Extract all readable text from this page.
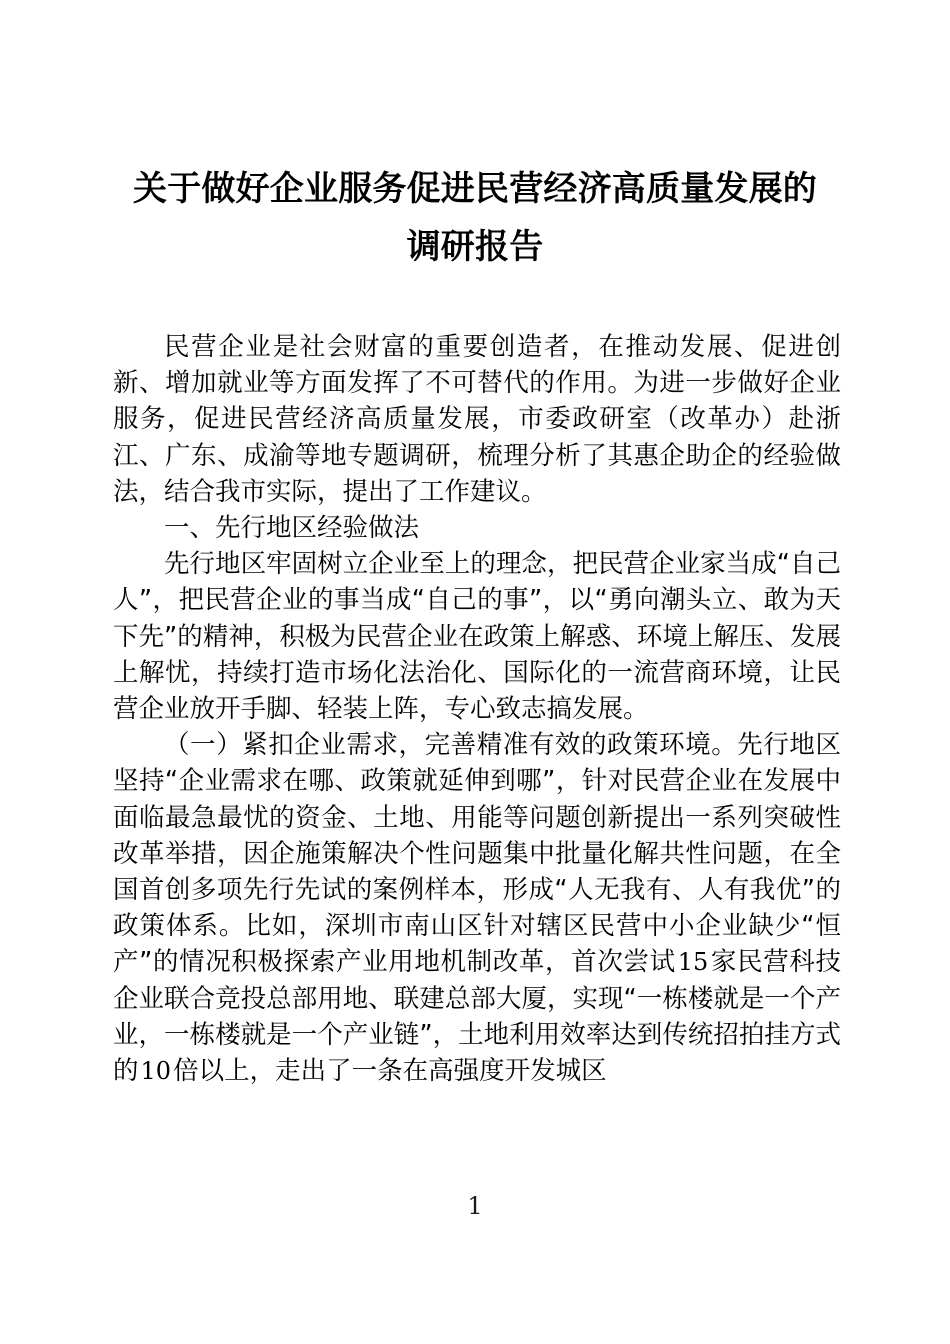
关于做好企业服务促进民营经济高质量发展的调研报告

民营企业是社会财富的重要创造者，在推动发展、促进创新、增加就业等方面发挥了不可替代的作用。为进一步做好企业服务，促进民营经济高质量发展，市委政研室（改革办）赴浙江、广东、成渝等地专题调研，梳理分析了其惠企助企的经验做法，结合我市实际，提出了工作建议。

一、先行地区经验做法

先行地区牢固树立企业至上的理念，把民营企业家当成“自己人”，把民营企业的事当成“自己的事”，以“勇向潮头立、敢为天下先”的精神，积极为民营企业在政策上解惑、环境上解压、发展上解忧，持续打造市场化法治化、国际化的一流营商环境，让民营企业放开手脚、轻装上阵，专心致志搞发展。

（一）紧扣企业需求，完善精准有效的政策环境。先行地区坚持“企业需求在哪、政策就延伸到哪”，针对民营企业在发展中面临最急最忧的资金、土地、用能等问题创新提出一系列突破性改革举措，因企施策解决个性问题集中批量化解共性问题，在全国首创多项先行先试的案例样本，形成“人无我有、人有我优”的政策体系。比如，深圳市南山区针对辖区民营中小企业缺少“恒产”的情况积极探索产业用地机制改革，首次尝试15家民营科技企业联合竞投总部用地、联建总部大厦，实现“一栋楼就是一个产业，一栋楼就是一个产业链”，土地利用效率达到传统招拍挂方式的10倍以上，走出了一条在高强度开发城区

1
